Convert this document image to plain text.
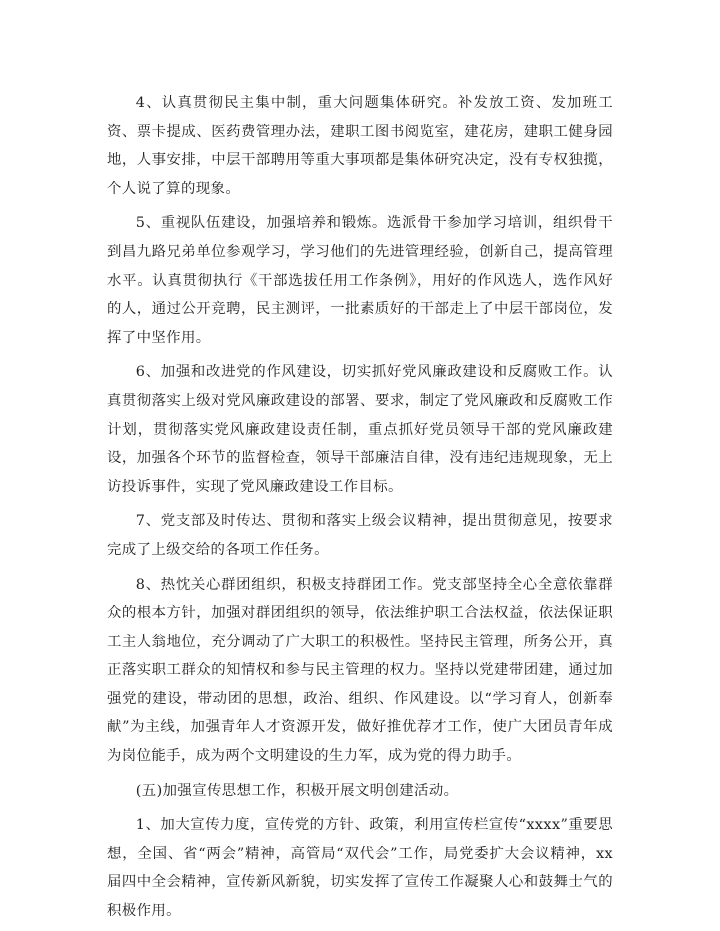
4、认真贯彻民主集中制，重大问题集体研究。补发放工资、发加班工资、票卡提成、医药费管理办法，建职工图书阅览室，建花房，建职工健身园地，人事安排，中层干部聘用等重大事项都是集体研究决定，没有专权独揽，个人说了算的现象。

5、重视队伍建设，加强培养和锻炼。选派骨干参加学习培训，组织骨干到昌九路兄弟单位参观学习，学习他们的先进管理经验，创新自己，提高管理水平。认真贯彻执行《干部选拔任用工作条例》，用好的作风选人，选作风好的人，通过公开竞聘，民主测评，一批素质好的干部走上了中层干部岗位，发挥了中坚作用。

6、加强和改进党的作风建设，切实抓好党风廉政建设和反腐败工作。认真贯彻落实上级对党风廉政建设的部署、要求，制定了党风廉政和反腐败工作计划，贯彻落实党风廉政建设责任制，重点抓好党员领导干部的党风廉政建设，加强各个环节的监督检查，领导干部廉洁自律，没有违纪违规现象，无上访投诉事件，实现了党风廉政建设工作目标。

7、党支部及时传达、贯彻和落实上级会议精神，提出贯彻意见，按要求完成了上级交给的各项工作任务。

8、热忱关心群团组织，积极支持群团工作。党支部坚持全心全意依靠群众的根本方针，加强对群团组织的领导，依法维护职工合法权益，依法保证职工主人翁地位，充分调动了广大职工的积极性。坚持民主管理，所务公开，真正落实职工群众的知情权和参与民主管理的权力。坚持以党建带团建，通过加强党的建设，带动团的思想，政治、组织、作风建设。以“学习育人，创新奉献”为主线，加强青年人才资源开发，做好推优荐才工作，使广大团员青年成为岗位能手，成为两个文明建设的生力军，成为党的得力助手。

(五)加强宣传思想工作，积极开展文明创建活动。

1、加大宣传力度，宣传党的方针、政策，利用宣传栏宣传“xxxx”重要思想，全国、省“两会”精神，高管局“双代会”工作，局党委扩大会议精神，xx届四中全会精神，宣传新风新貌，切实发挥了宣传工作凝聚人心和鼓舞士气的积极作用。
